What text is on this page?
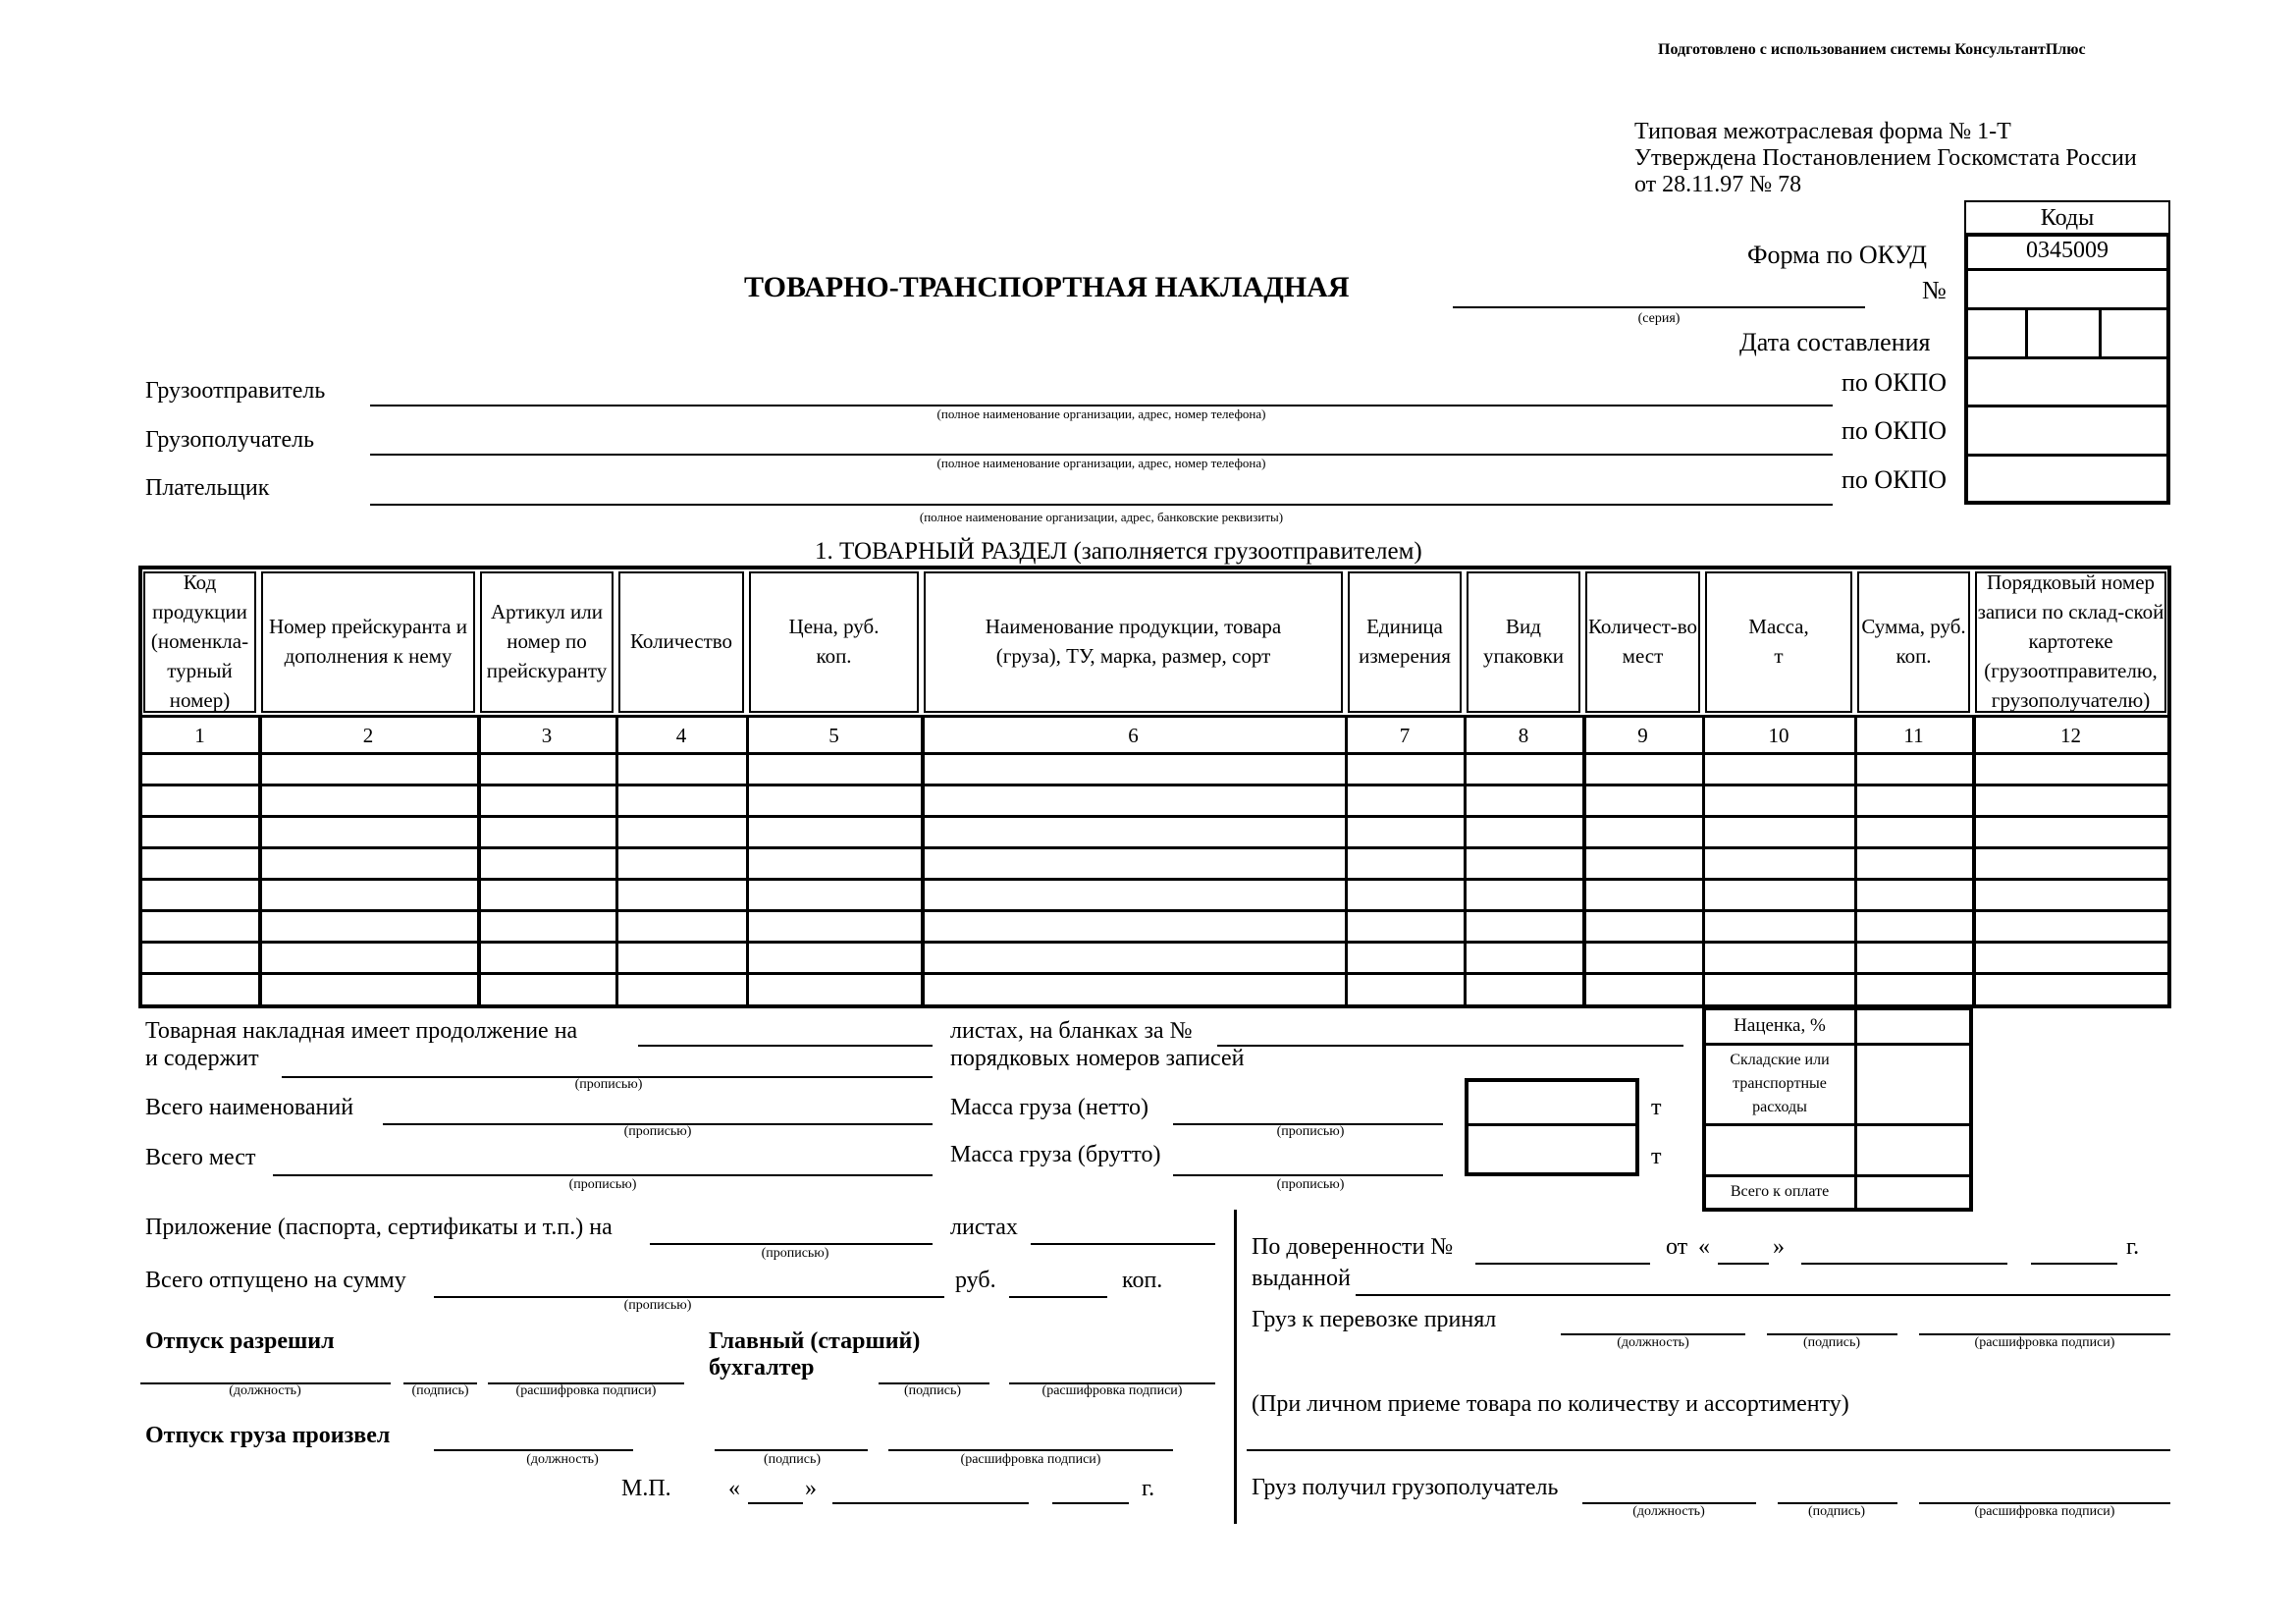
Подготовлено с использованием системы КонсультантПлюс
Типовая межотраслевая форма № 1-Т
Утверждена Постановлением Госкомстата России
от 28.11.97 № 78
Коды
0345009
Форма по ОКУД
№
Дата составления
по ОКПО
по ОКПО
по ОКПО
ТОВАРНО-ТРАНСПОРТНАЯ НАКЛАДНАЯ
(серия)
Грузоотправитель
(полное наименование организации, адрес, номер телефона)
Грузополучатель
(полное наименование организации, адрес, номер телефона)
Плательщик
(полное наименование организации, адрес, банковские реквизиты)
1. ТОВАРНЫЙ РАЗДЕЛ (заполняется грузоотправителем)
Код продукции (номенкла-турный номер)
Номер прейскуранта и дополнения к нему
Артикул или номер по прейскуранту
Количество
Цена, руб. коп.
Наименование продукции, товара (груза), ТУ, марка, размер, сорт
Единица измерения
Вид упаковки
Количест-во мест
Масса, т
Сумма, руб. коп.
Порядковый номер записи по склад-ской картотеке (грузоотправителю, грузополучателю)
1	2	3	4	5	6	7	8	9	10	11	12
Товарная накладная имеет продолжение на
и содержит
(прописью)
листах, на бланках за №
порядковых номеров записей
Всего наименований
(прописью)
Всего мест
(прописью)
Масса груза (нетто)
(прописью)
Масса груза (брутто)
(прописью)
т
т
Наценка, %
Складские или транспортные расходы
Всего к оплате
Приложение (паспорта, сертификаты и т.п.) на
(прописью)
листах
Всего отпущено на сумму
(прописью)
руб.	коп.
Отпуск разрешил
(должность)	(подпись)	(расшифровка подписи)
Главный (старший)
бухгалтер
(подпись)	(расшифровка подписи)
Отпуск груза произвел
(должность)	(подпись)	(расшифровка подписи)
М.П. «	»	г.
По доверенности №	от «	»	г.
выданной
Груз к перевозке принял
(должность)	(подпись)	(расшифровка подписи)
(При личном приеме товара по количеству и ассортименту)
Груз получил грузополучатель
(должность)	(подпись)	(расшифровка подписи)
